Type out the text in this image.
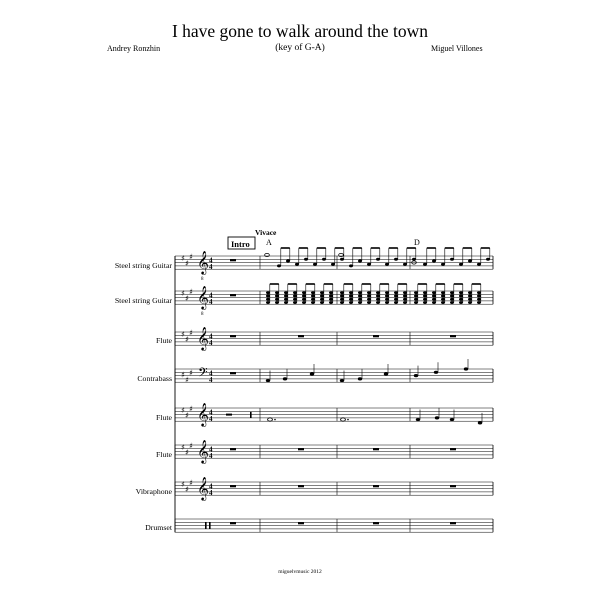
I have gone to walk around the town
(key of G-A)
Andrey Ronzhin	Miguel Villones
Steel string Guitar
Steel string Guitar
Flute
Contrabass
Flute
Flute
Vibraphone
Drumset
Vivace
Intro A	D
𝄞
8
♯
♯
♯ 4
4
𝄞
8
♯
♯
♯ 4
4
𝄞
♯
♯
♯ 4
4
𝄢
♯
♯
♯ 4
4
𝄞
♯
♯
♯ 4
4
𝄞
♯
♯
♯ 4
4
𝄞
♯
♯
♯ 4
4
miguelvmusic 2012
